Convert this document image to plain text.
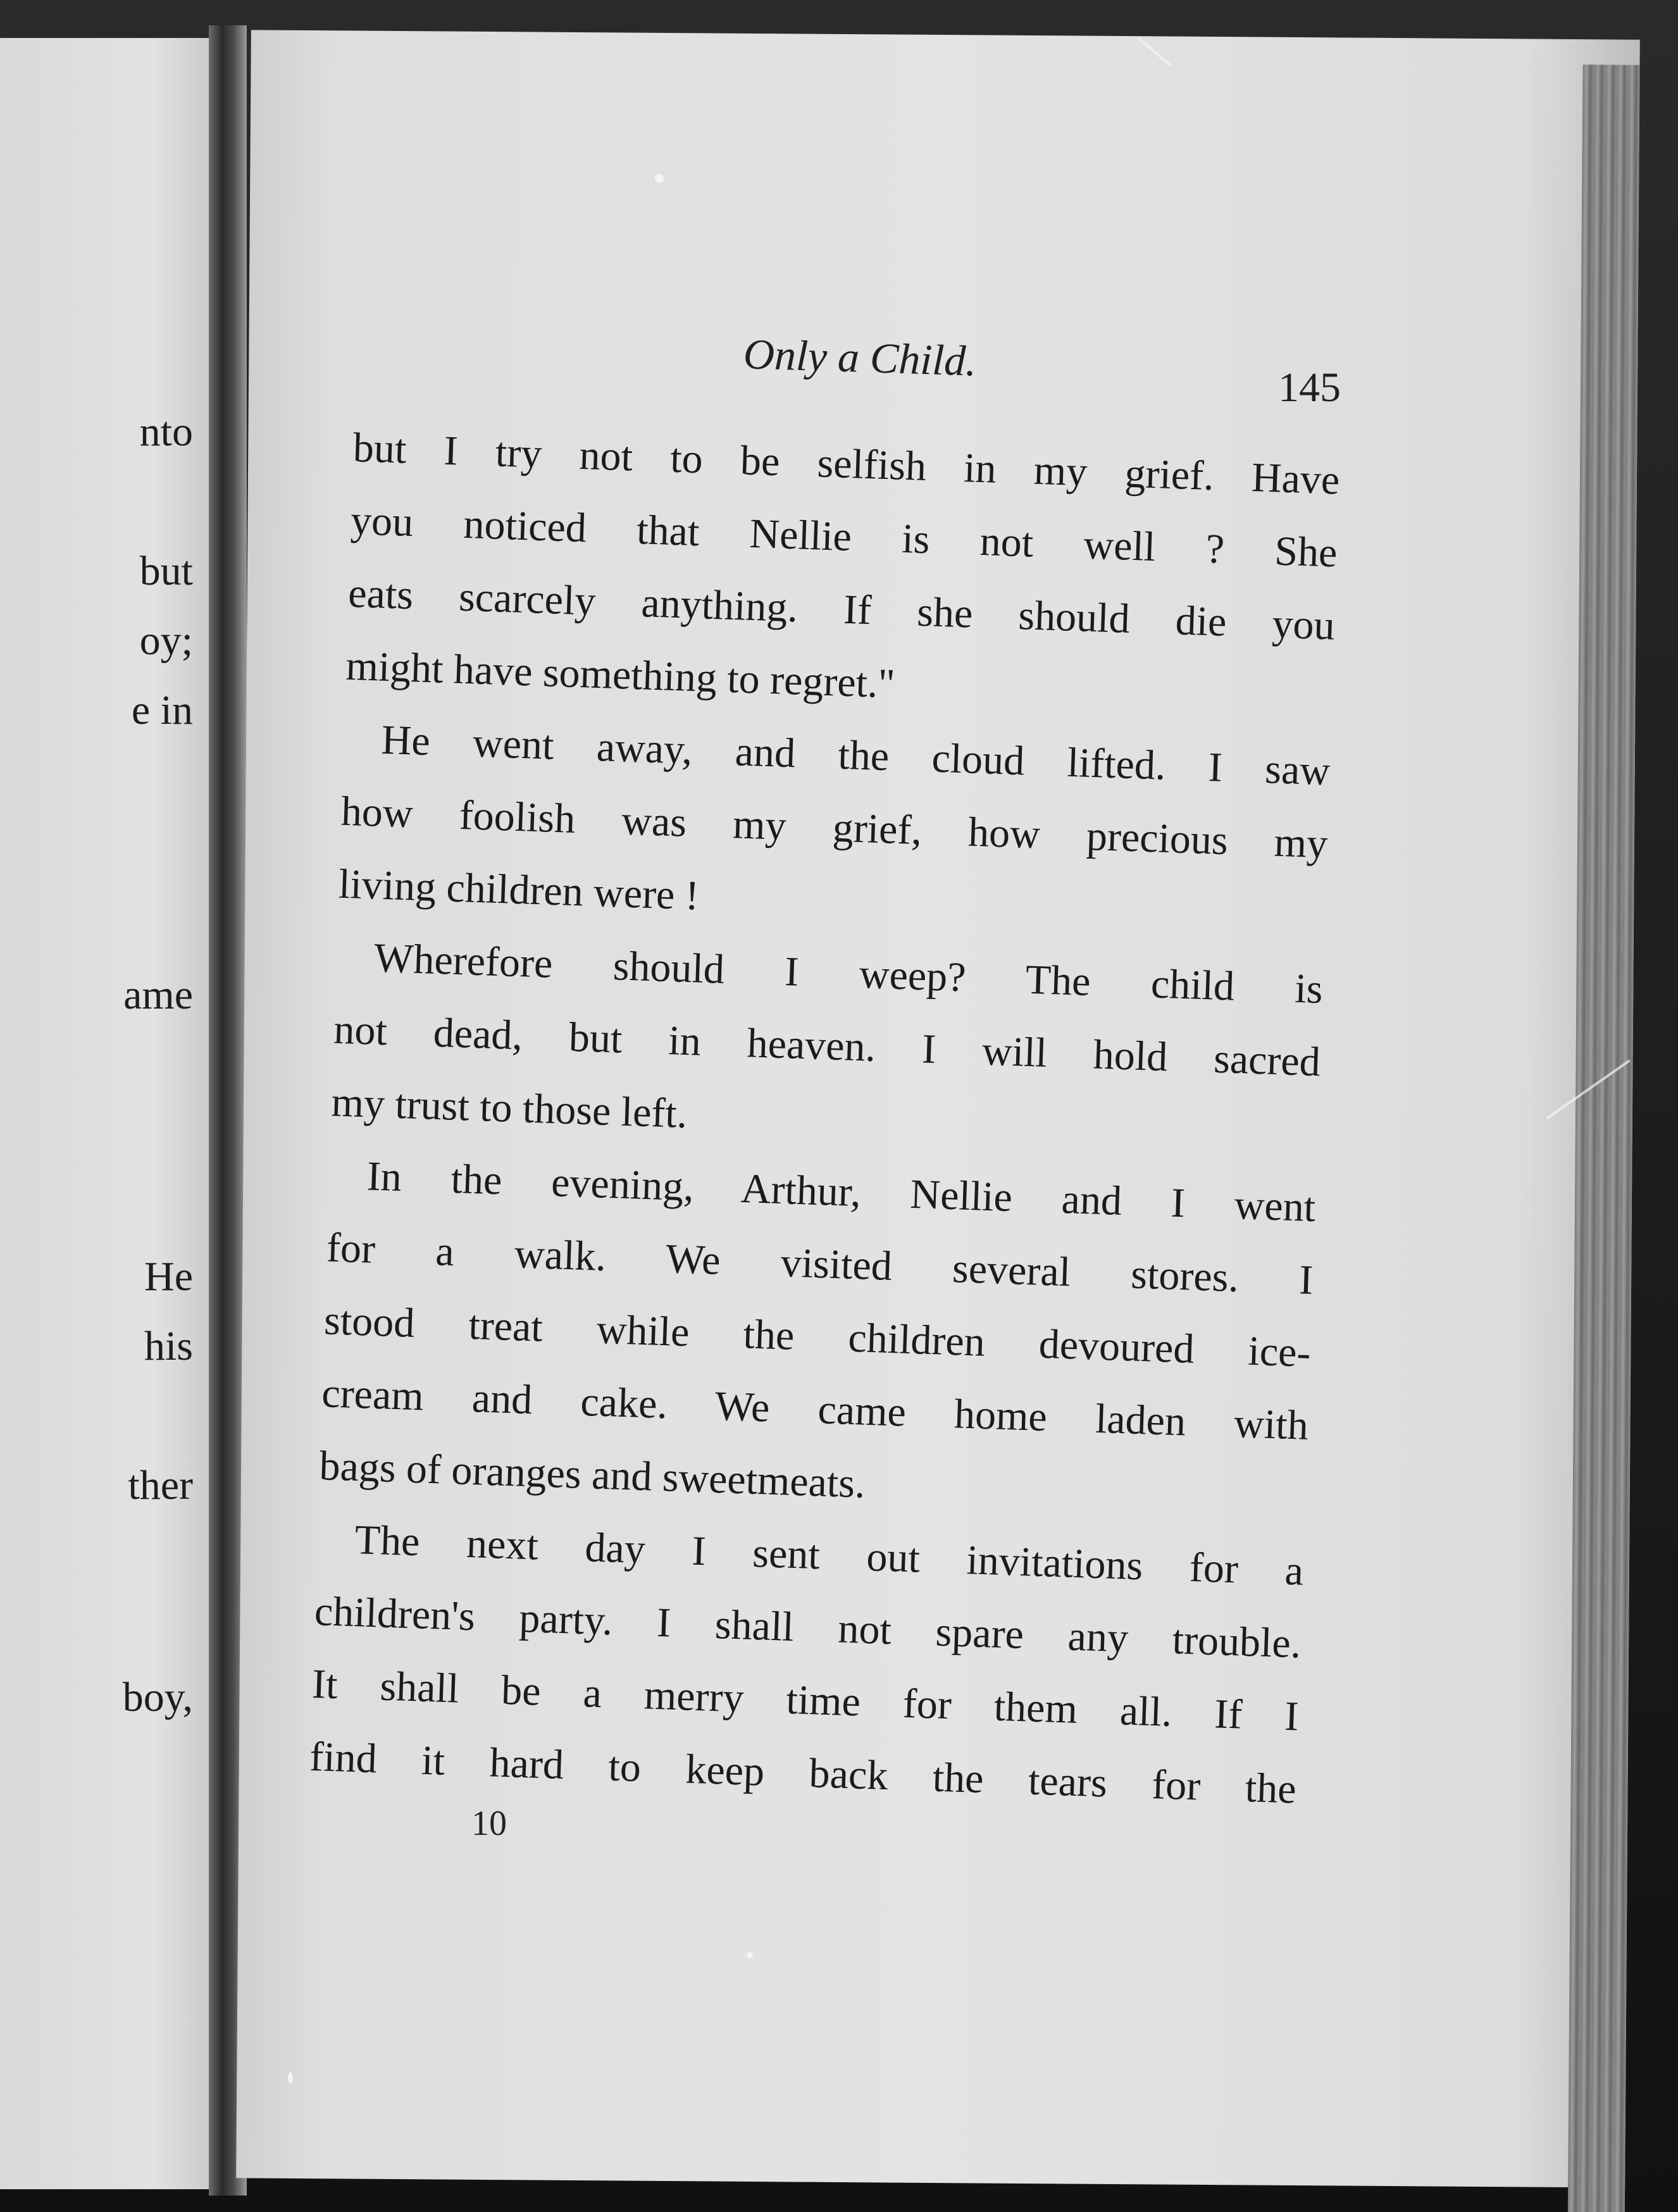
nto
but
oy;
e in
ame
He
his
ther
boy,
Only a Child.
145

but I try not to be selfish in my grief. Have
you noticed that Nellie is not well ? She
eats scarcely anything. If she should die you
might have something to regret."

He went away, and the cloud lifted. I saw
how foolish was my grief, how precious my
living children were !

Wherefore should I weep? The child is
not dead, but in heaven. I will hold sacred
my trust to those left.

In the evening, Arthur, Nellie and I went
for a walk. We visited several stores. I
stood treat while the children devoured ice-
cream and cake. We came home laden with
bags of oranges and sweetmeats.

The next day I sent out invitations for a
children's party. I shall not spare any trouble.
It shall be a merry time for them all. If I
find it hard to keep back the tears for the

10
